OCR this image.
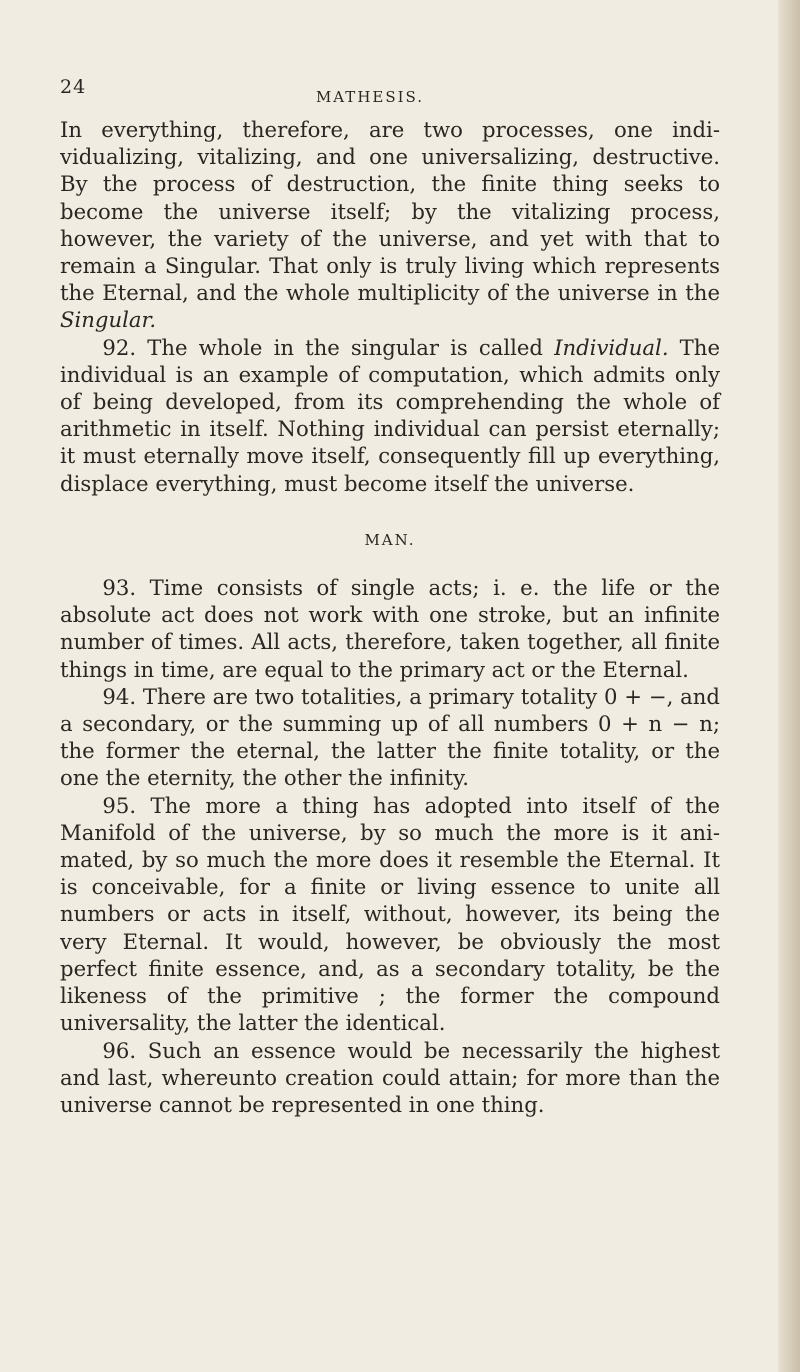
24	MATHESIS.

In everything, therefore, are two processes, one individualizing, vitalizing, and one universalizing, destructive. By the process of destruction, the finite thing seeks to become the universe itself; by the vitalizing process, however, the variety of the universe, and yet with that to remain a Singular. That only is truly living which represents the Eternal, and the whole multiplicity of the universe in the Singular.

92. The whole in the singular is called Individual. The individual is an example of computation, which admits only of being developed, from its comprehending the whole of arithmetic in itself. Nothing individual can persist eternally; it must eternally move itself, consequently fill up everything, displace everything, must become itself the universe.

MAN.

93. Time consists of single acts; i. e. the life or the absolute act does not work with one stroke, but an infinite number of times. All acts, therefore, taken together, all finite things in time, are equal to the primary act or the Eternal.

94. There are two totalities, a primary totality 0 + −, and a secondary, or the summing up of all numbers 0 + n − n; the former the eternal, the latter the finite totality, or the one the eternity, the other the infinity.

95. The more a thing has adopted into itself of the Manifold of the universe, by so much the more is it animated, by so much the more does it resemble the Eternal. It is conceivable, for a finite or living essence to unite all numbers or acts in itself, without, however, its being the very Eternal. It would, however, be obviously the most perfect finite essence, and, as a secondary totality, be the likeness of the primitive ; the former the compound universality, the latter the identical.

96. Such an essence would be necessarily the highest and last, whereunto creation could attain; for more than the universe cannot be represented in one thing.
